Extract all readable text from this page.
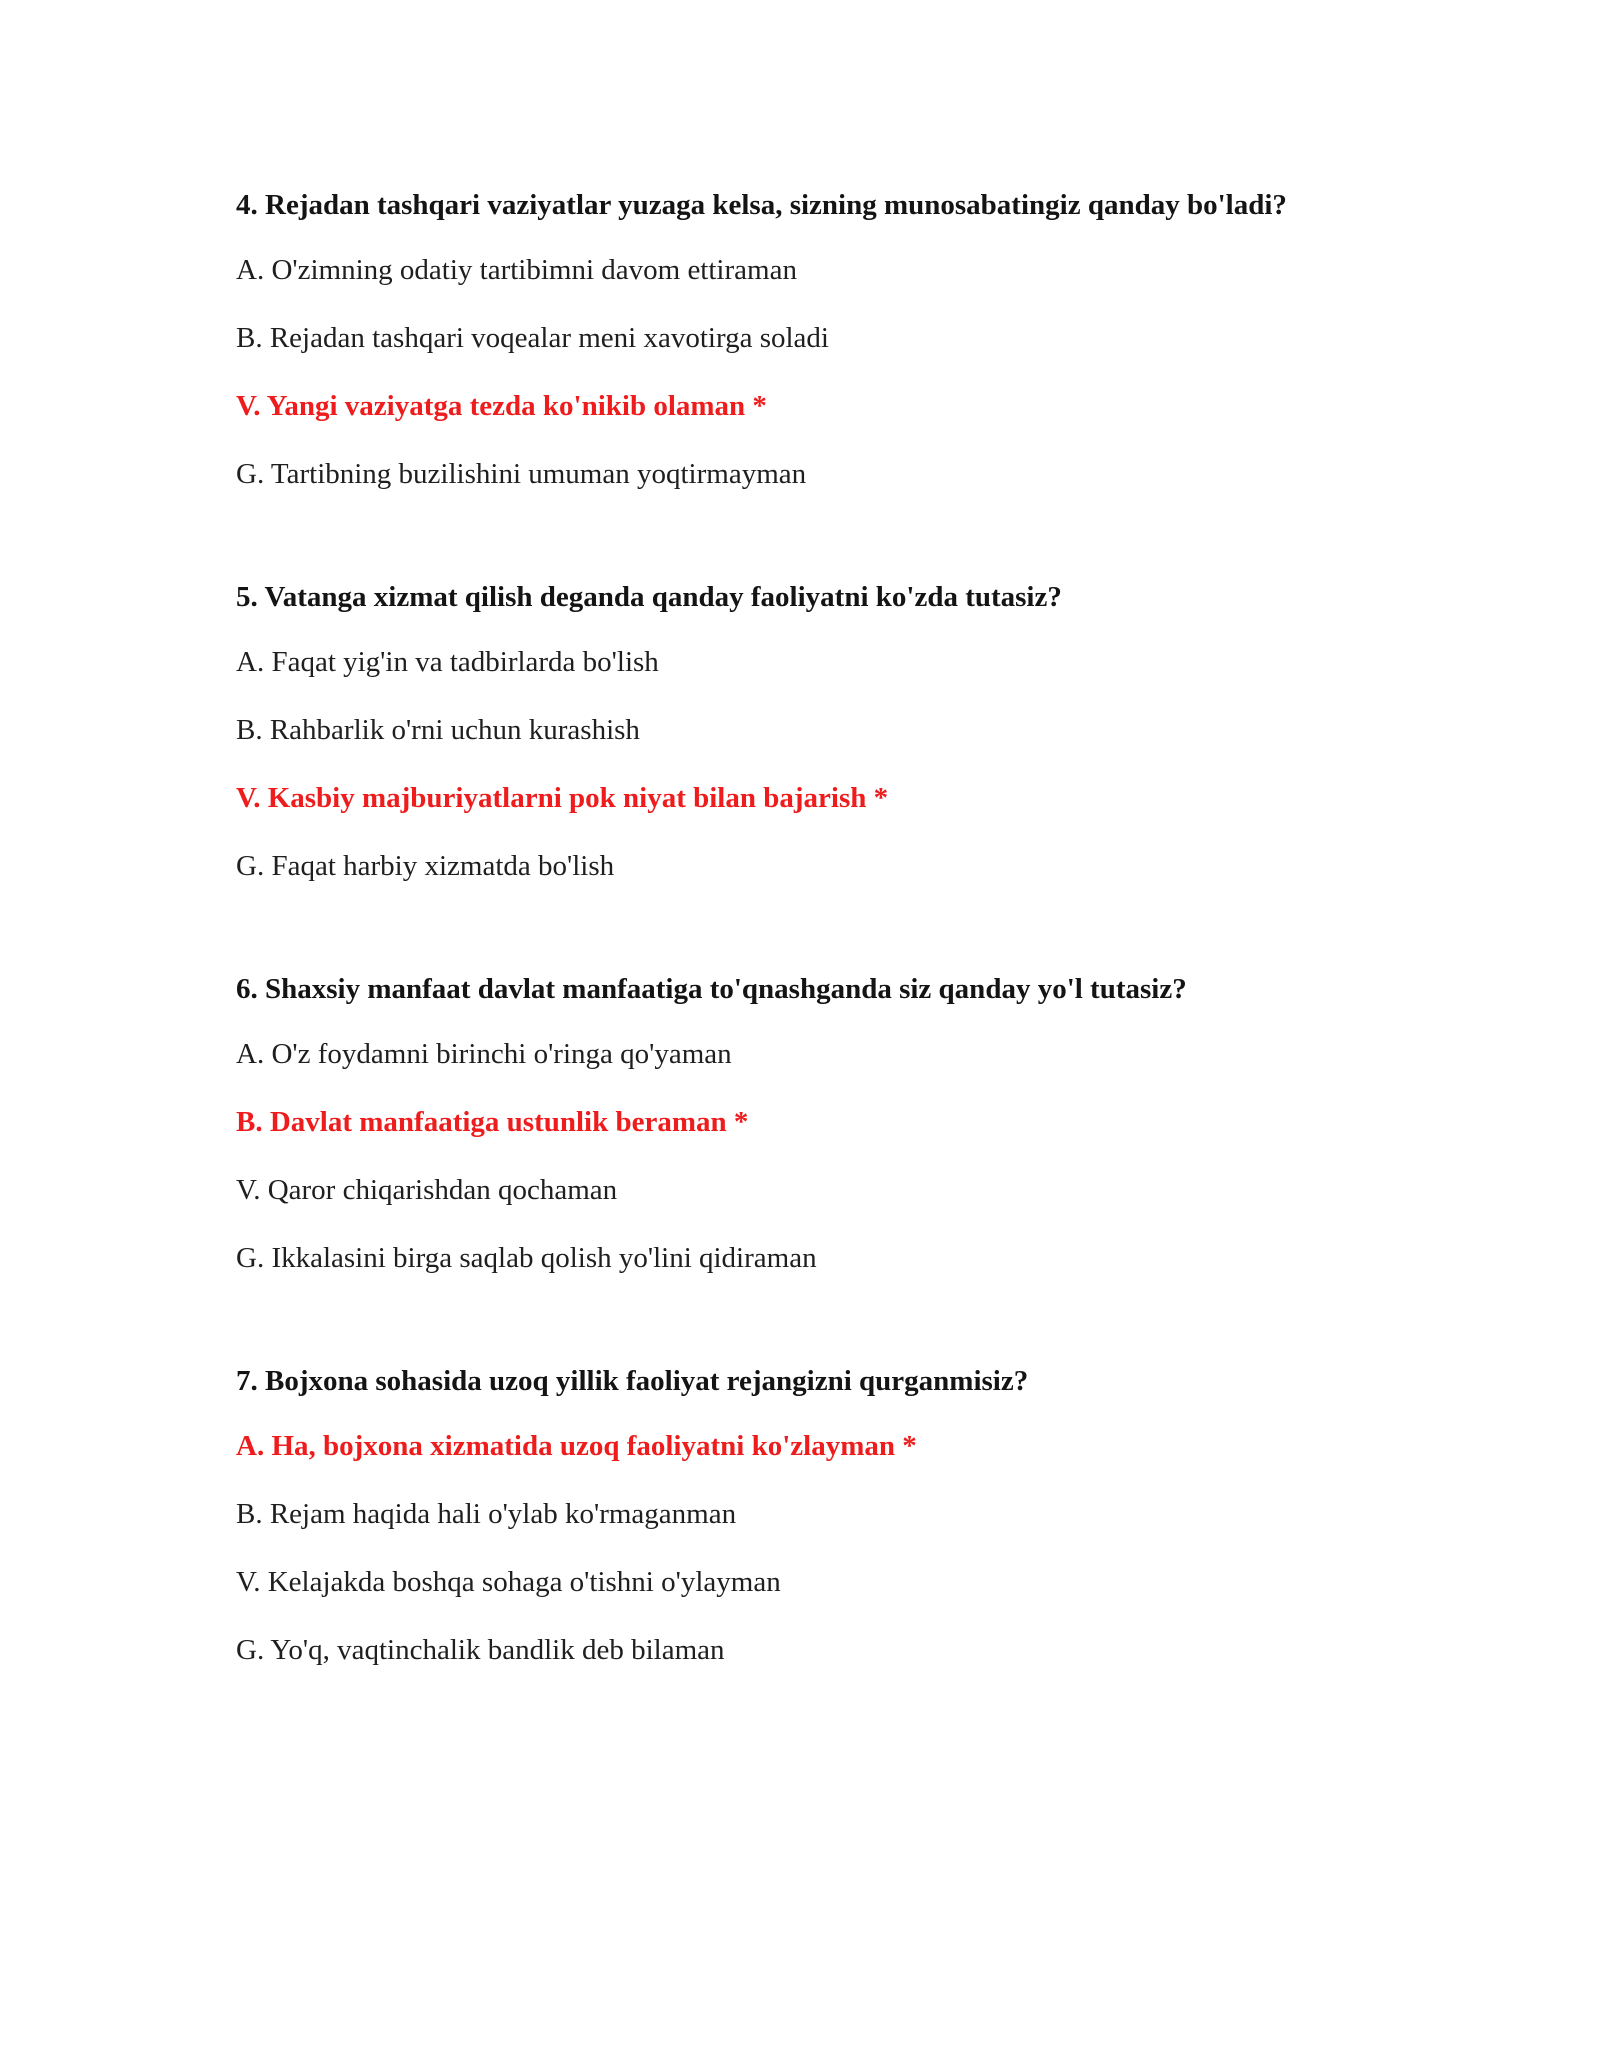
4. Rejadan tashqari vaziyatlar yuzaga kelsa, sizning munosabatingiz qanday bo'ladi?
A. O'zimning odatiy tartibimni davom ettiraman
B. Rejadan tashqari voqealar meni xavotirga soladi
V. Yangi vaziyatga tezda ko'nikib olaman *
G. Tartibning buzilishini umuman yoqtirmayman
5. Vatanga xizmat qilish deganda qanday faoliyatni ko'zda tutasiz?
A. Faqat yig'in va tadbirlarda bo'lish
B. Rahbarlik o'rni uchun kurashish
V. Kasbiy majburiyatlarni pok niyat bilan bajarish *
G. Faqat harbiy xizmatda bo'lish
6. Shaxsiy manfaat davlat manfaatiga to'qnashganda siz qanday yo'l tutasiz?
A. O'z foydamni birinchi o'ringa qo'yaman
B. Davlat manfaatiga ustunlik beraman *
V. Qaror chiqarishdan qochaman
G. Ikkalasini birga saqlab qolish yo'lini qidiraman
7. Bojxona sohasida uzoq yillik faoliyat rejangizni qurganmisiz?
A. Ha, bojxona xizmatida uzoq faoliyatni ko'zlayman *
B. Rejam haqida hali o'ylab ko'rmaganman
V. Kelajakda boshqa sohaga o'tishni o'ylayman
G. Yo'q, vaqtinchalik bandlik deb bilaman
